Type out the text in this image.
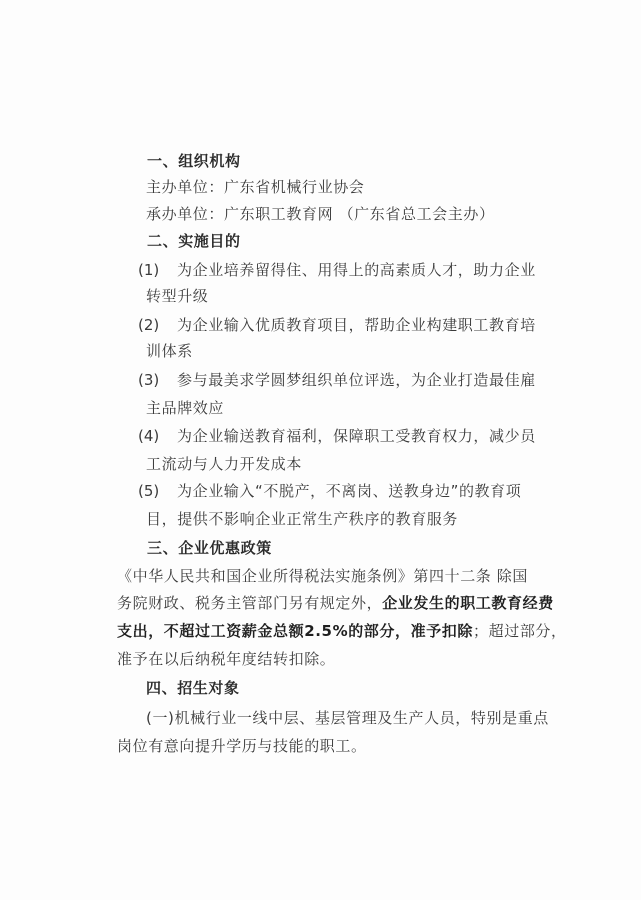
一、组织机构
主办单位：广东省机械行业协会
承办单位：广东职工教育网 （广东省总工会主办）
二、实施目的
(1) 为企业培养留得住、用得上的高素质人才，助力企业
转型升级
(2) 为企业输入优质教育项目，帮助企业构建职工教育培
训体系
(3) 参与最美求学圆梦组织单位评选，为企业打造最佳雇
主品牌效应
(4) 为企业输送教育福利，保障职工受教育权力，减少员
工流动与人力开发成本
(5) 为企业输入“不脱产，不离岗、送教身边”的教育项
目，提供不影响企业正常生产秩序的教育服务
三、企业优惠政策
《中华人民共和国企业所得税法实施条例》第四十二条 除国
务院财政、税务主管部门另有规定外，企业发生的职工教育经费
支出，不超过工资薪金总额2.5%的部分，准予扣除；超过部分，
准予在以后纳税年度结转扣除。
四、招生对象
(一)机械行业一线中层、基层管理及生产人员，特别是重点
岗位有意向提升学历与技能的职工。
